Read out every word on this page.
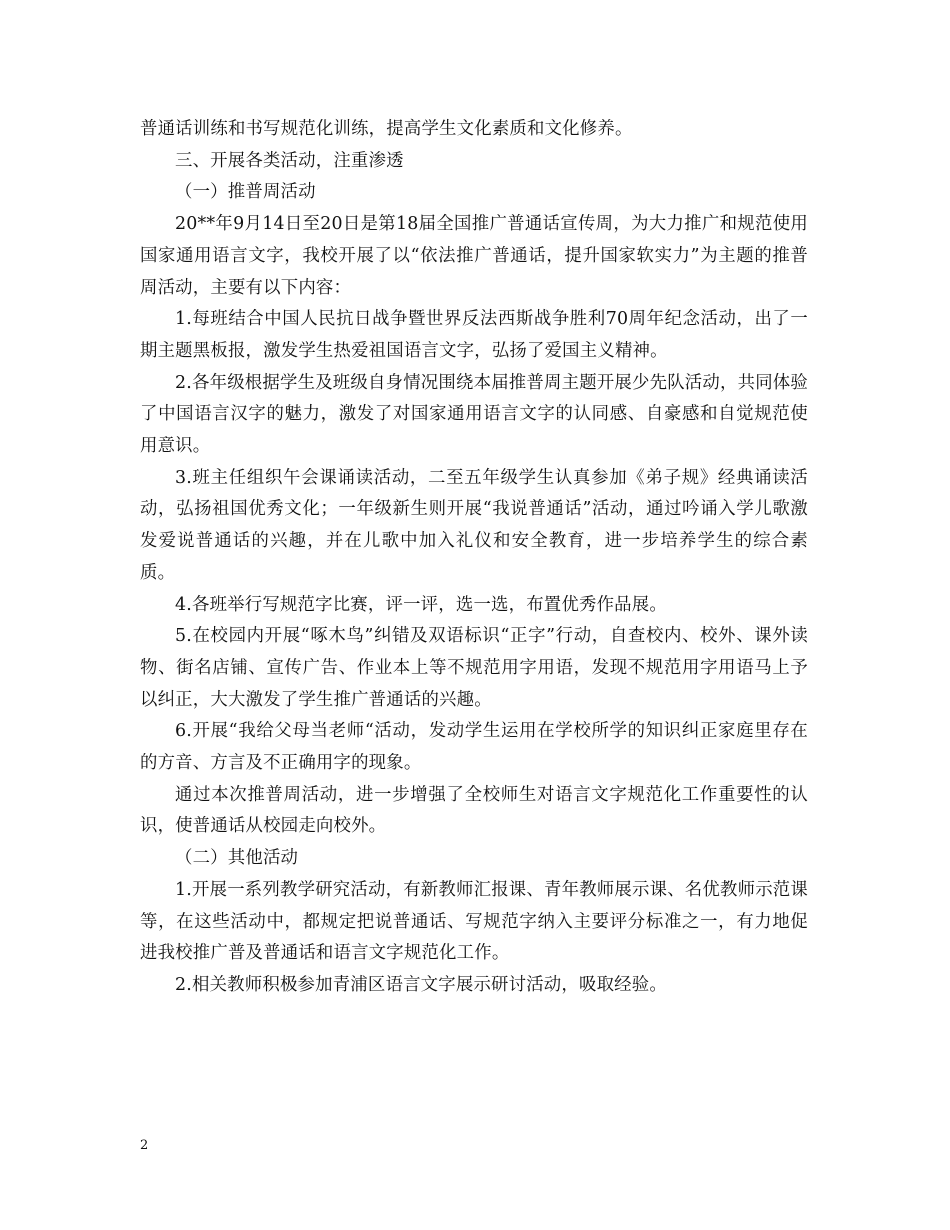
普通话训练和书写规范化训练，提高学生文化素质和文化修养。

三、开展各类活动，注重渗透

（一）推普周活动

20**年9月14日至20日是第18届全国推广普通话宣传周，为大力推广和规范使用国家通用语言文字，我校开展了以“依法推广普通话，提升国家软实力”为主题的推普周活动，主要有以下内容：

1.每班结合中国人民抗日战争暨世界反法西斯战争胜利70周年纪念活动，出了一期主题黑板报，激发学生热爱祖国语言文字，弘扬了爱国主义精神。

2.各年级根据学生及班级自身情况围绕本届推普周主题开展少先队活动，共同体验了中国语言汉字的魅力，激发了对国家通用语言文字的认同感、自豪感和自觉规范使用意识。

3.班主任组织午会课诵读活动，二至五年级学生认真参加《弟子规》经典诵读活动，弘扬祖国优秀文化；一年级新生则开展“我说普通话”活动，通过吟诵入学儿歌激发爱说普通话的兴趣，并在儿歌中加入礼仪和安全教育，进一步培养学生的综合素质。

4.各班举行写规范字比赛，评一评，选一选，布置优秀作品展。

5.在校园内开展“啄木鸟”纠错及双语标识“正字”行动，自查校内、校外、课外读物、街名店铺、宣传广告、作业本上等不规范用字用语，发现不规范用字用语马上予以纠正，大大激发了学生推广普通话的兴趣。

6.开展“我给父母当老师“活动，发动学生运用在学校所学的知识纠正家庭里存在的方音、方言及不正确用字的现象。

通过本次推普周活动，进一步增强了全校师生对语言文字规范化工作重要性的认识，使普通话从校园走向校外。

（二）其他活动

1.开展一系列教学研究活动，有新教师汇报课、青年教师展示课、名优教师示范课等，在这些活动中，都规定把说普通话、写规范字纳入主要评分标准之一，有力地促进我校推广普及普通话和语言文字规范化工作。

2.相关教师积极参加青浦区语言文字展示研讨活动，吸取经验。

2
